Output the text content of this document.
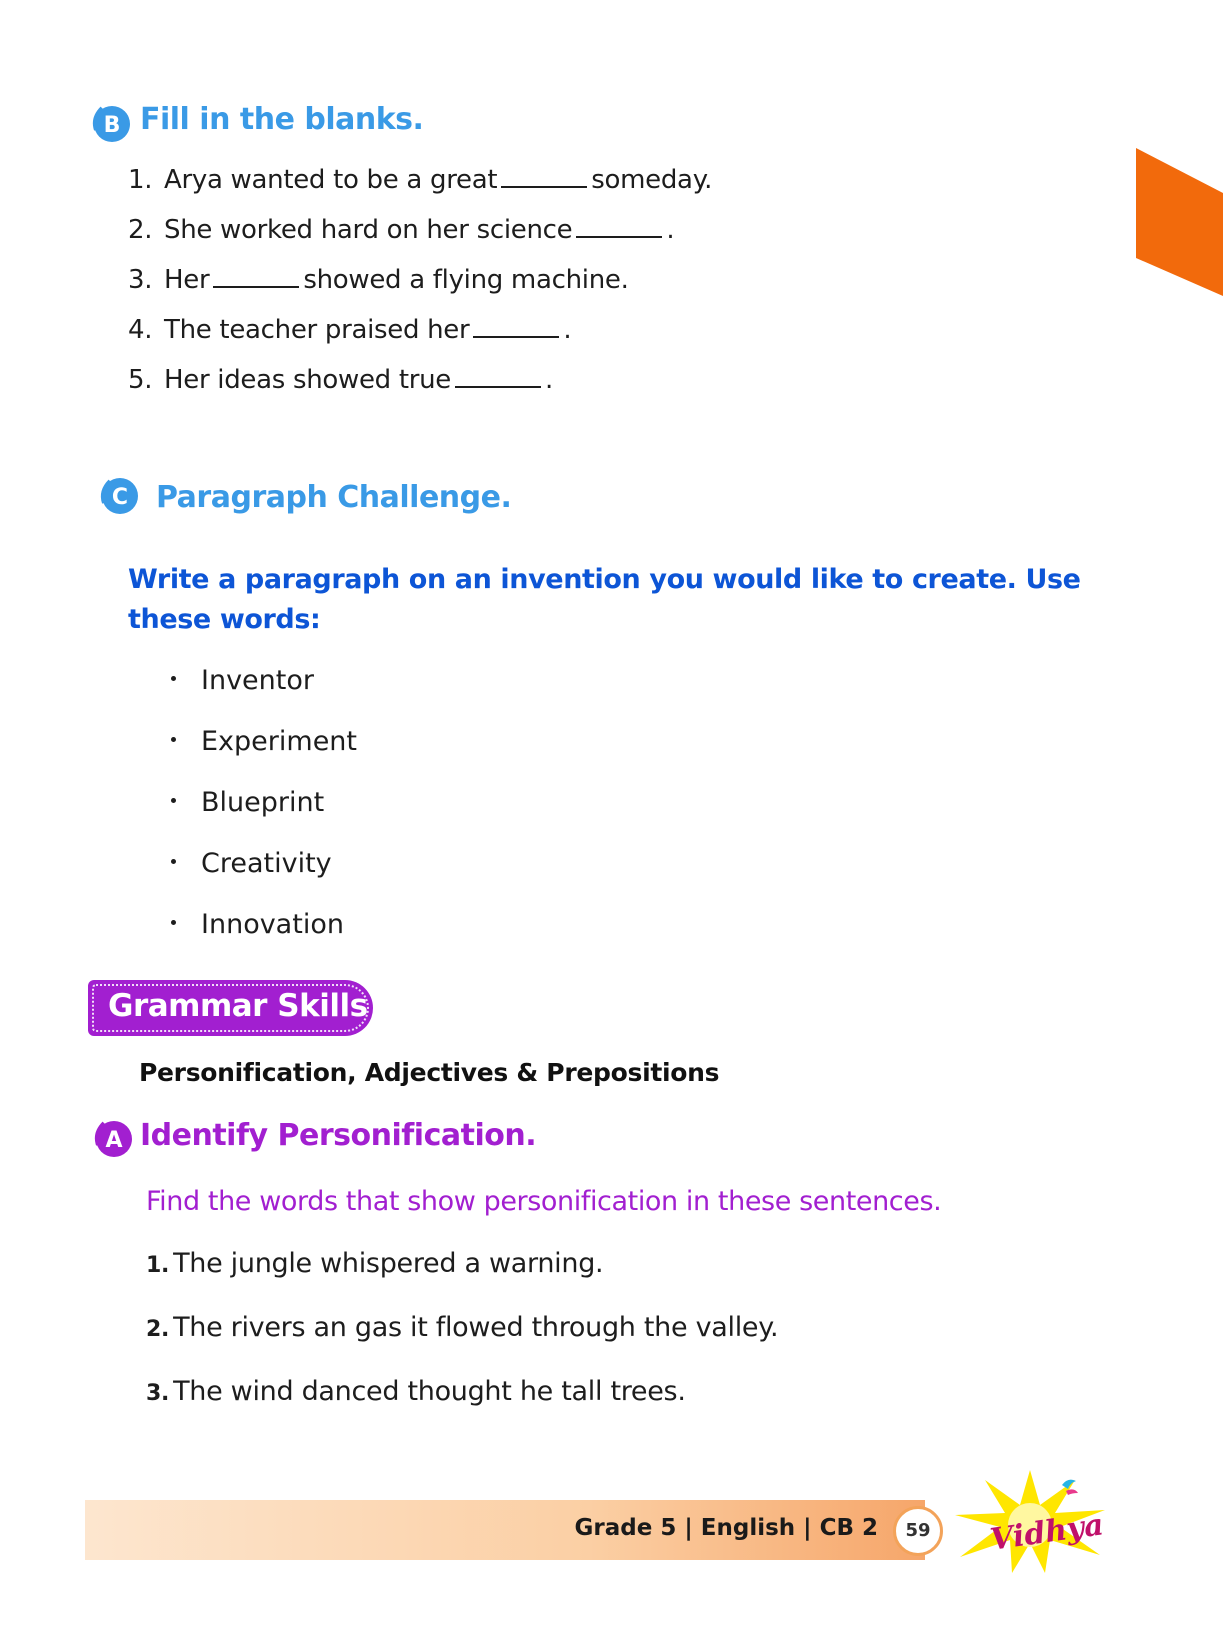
B Fill in the blanks.
1. Arya wanted to be a great	someday.
2. She worked hard on her science	.
3. Her	showed a flying machine.
4. The teacher praised her	.
5. Her ideas showed true	.
C Paragraph Challenge.
Write a paragraph on an invention you would like to create. Use
these words:
Inventor
Experiment
Blueprint
Creativity
Innovation
Grammar Skills
Personification, Adjectives & Prepositions
A Identify Personification.
Find the words that show personification in these sentences.
1. The jungle whispered a warning.
2. The rivers an gas it flowed through the valley.
3. The wind danced thought he tall trees.
Grade 5 | English | CB 2	59	Vidhya
